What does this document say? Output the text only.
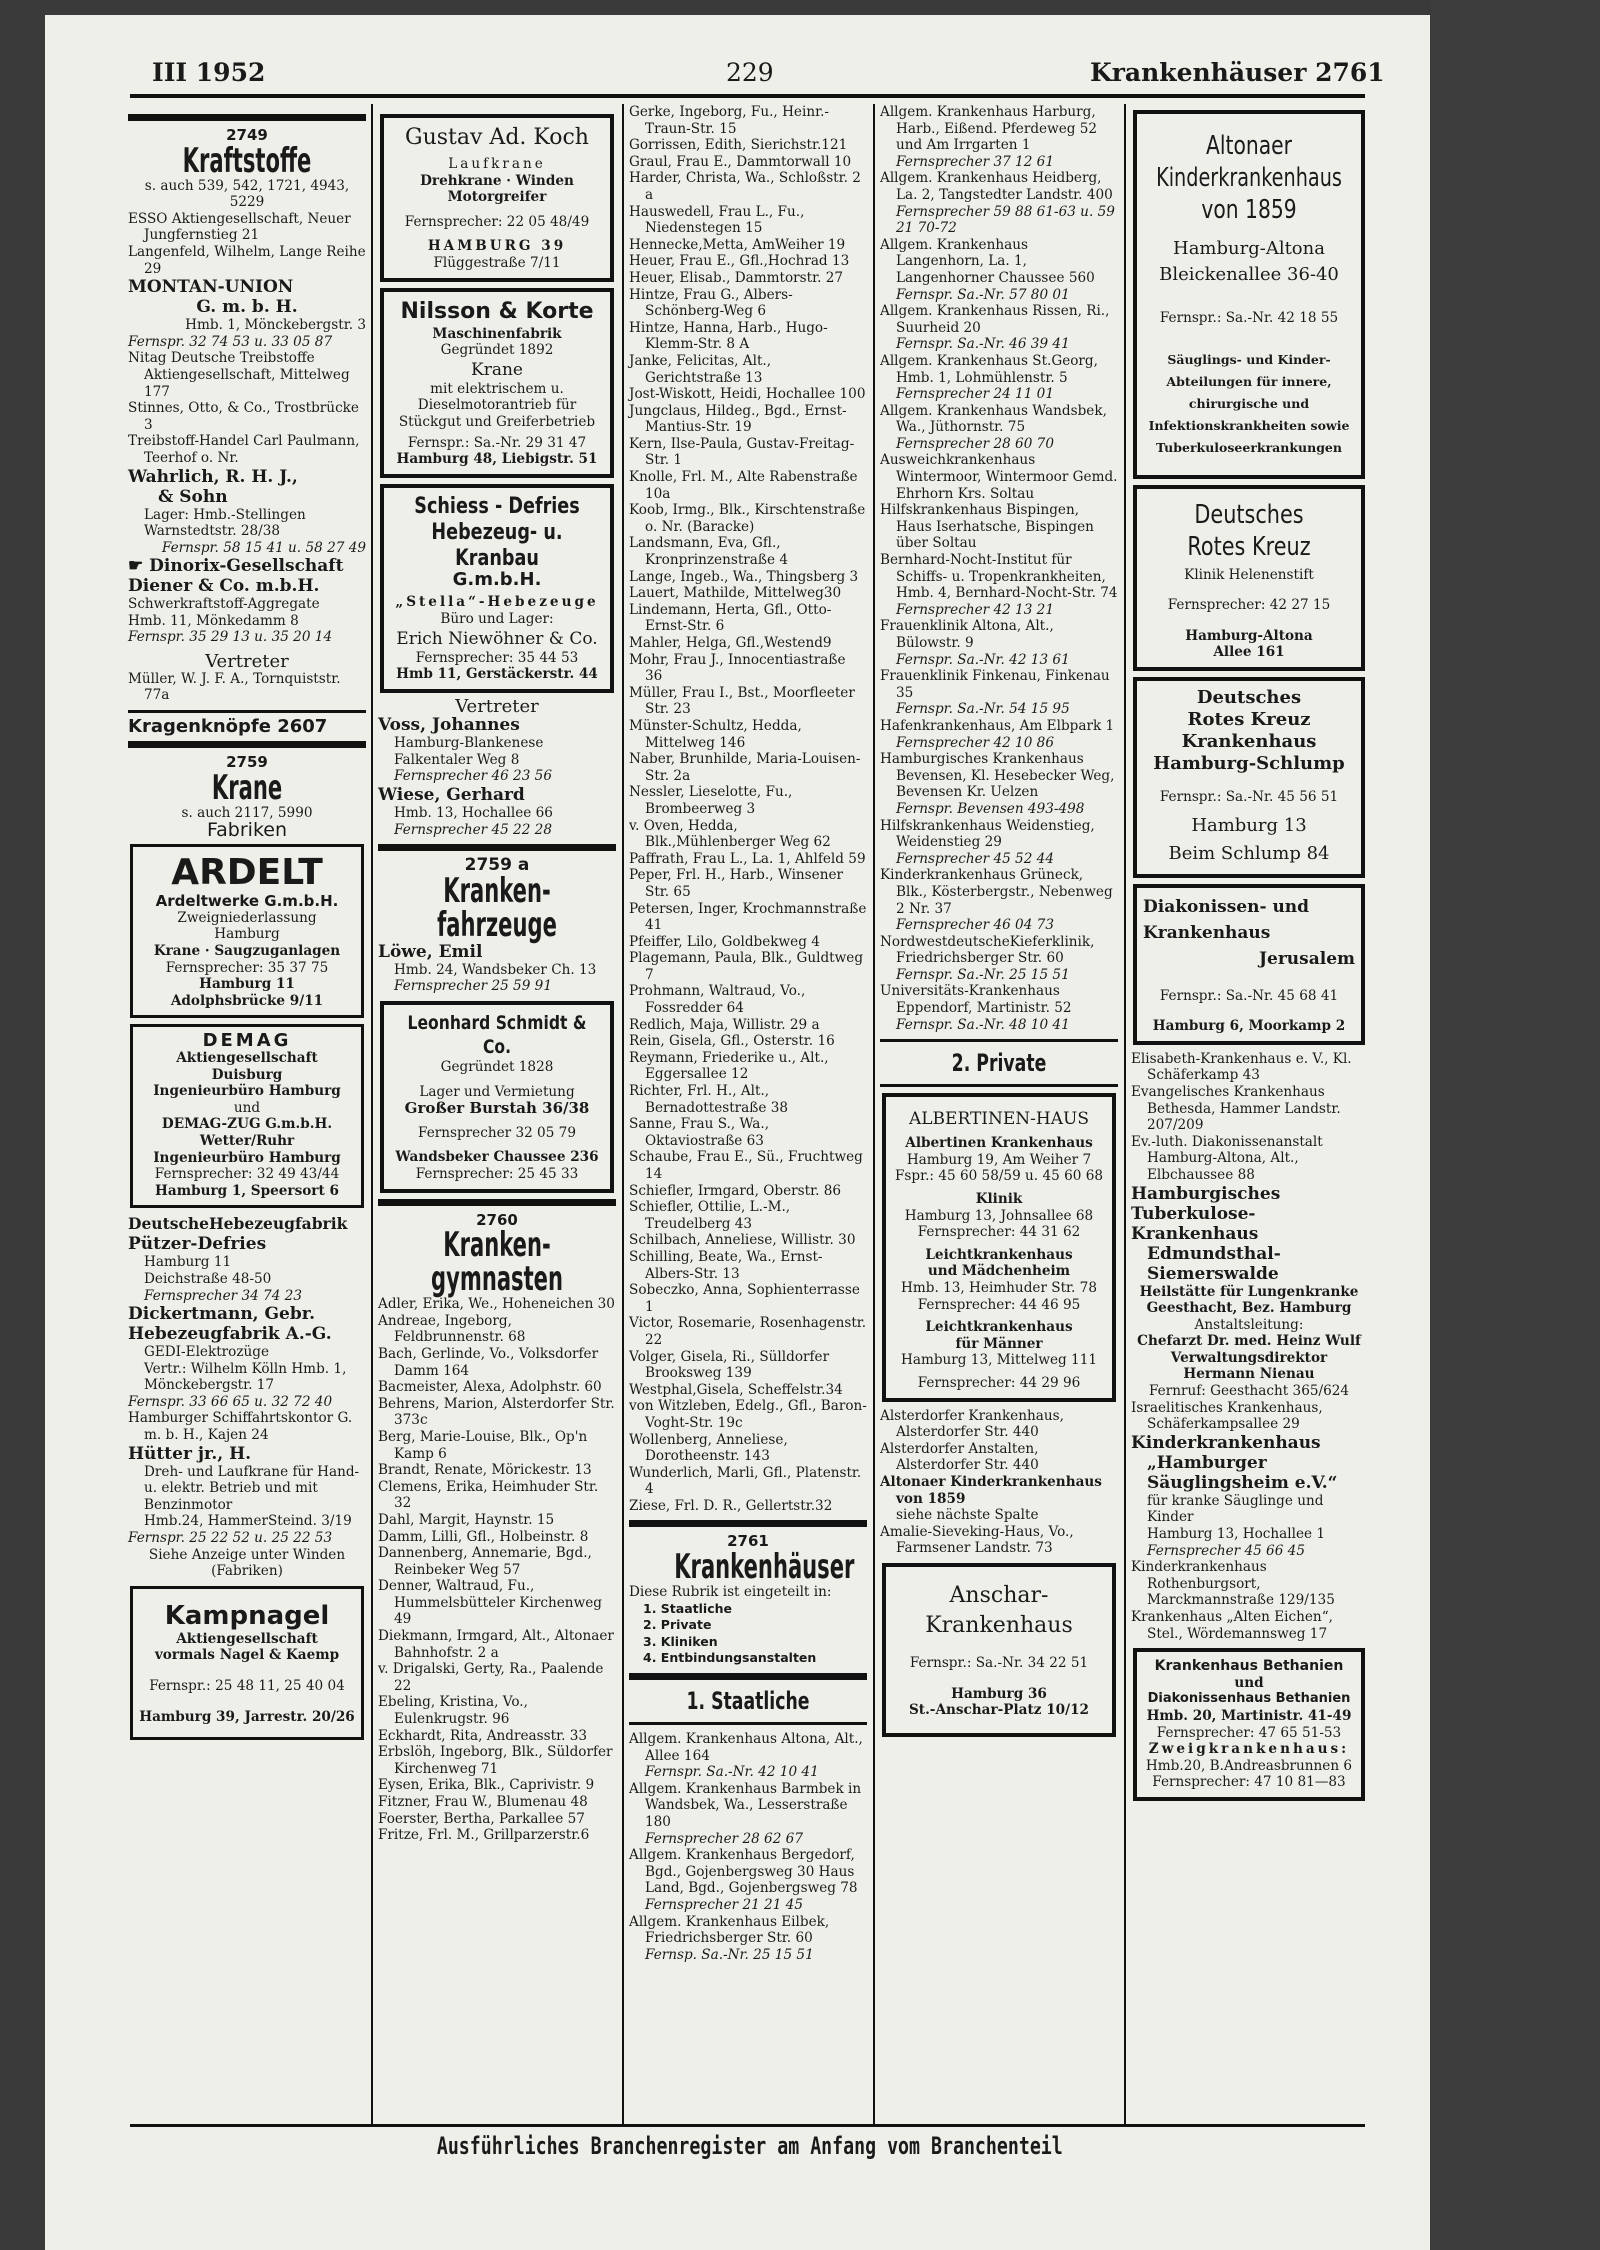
III 1952	229	Krankenhäuser 2761

2749

Kraftstoffe

s. auch 539, 542, 1721, 4943, 5229

ESSO Aktiengesellschaft, Neuer Jungfernstieg 21

Langenfeld, Wilhelm, Lange Reihe 29

MONTAN-UNION

G. m. b. H.

Hmb. 1, Mönckebergstr. 3

Fernspr. 32 74 53 u. 33 05 87

Nitag Deutsche Treibstoffe Aktiengesellschaft, Mittelweg 177

Stinnes, Otto, & Co., Trostbrücke 3

Treibstoff-Handel Carl Paulmann, Teerhof o. Nr.

Wahrlich, R. H. J.,

& Sohn

Lager: Hmb.-Stellingen Warnstedtstr. 28/38

Fernspr. 58 15 41 u. 58 27 49

☛ Dinorix-Gesellschaft

Diener & Co. m.b.H.

Schwerkraftstoff-Aggregate

Hmb. 11, Mönkedamm 8

Fernspr. 35 29 13 u. 35 20 14

Vertreter

Müller, W. J. F. A., Tornquiststr. 77a

Kragenknöpfe 2607

2759

Krane

s. auch 2117, 5990

Fabriken

ARDELT

Ardeltwerke G.m.b.H.

Zweigniederlassung

Hamburg

Krane · Saugzuganlagen

Fernsprecher: 35 37 75

Hamburg 11

Adolphsbrücke 9/11

DEMAG

Aktiengesellschaft Duisburg

Ingenieurbüro Hamburg

und

DEMAG-ZUG G.m.b.H.

Wetter/Ruhr

Ingenieurbüro Hamburg

Fernsprecher: 32 49 43/44

Hamburg 1, Speersort 6

DeutscheHebezeugfabrik

Pützer-Defries

Hamburg 11

Deichstraße 48-50

Fernsprecher 34 74 23

Dickertmann, Gebr.

Hebezeugfabrik A.-G.

GEDI-Elektrozüge

Vertr.: Wilhelm Kölln Hmb. 1, Mönckebergstr. 17

Fernspr. 33 66 65 u. 32 72 40

Hamburger Schiffahrtskontor G. m. b. H., Kajen 24

Hütter jr., H.

Dreh- und Laufkrane für Hand- u. elektr. Betrieb und mit Benzinmotor

Hmb.24, HammerSteind. 3/19

Fernspr. 25 22 52 u. 25 22 53

Siehe Anzeige unter Winden (Fabriken)

Kampnagel

Aktiengesellschaft

vormals Nagel & Kaemp

Fernspr.: 25 48 11, 25 40 04

Hamburg 39, Jarrestr. 20/26

Gustav Ad. Koch

Laufkrane

Drehkrane · Winden

Motorgreifer

Fernsprecher: 22 05 48/49

HAMBURG 39

Flüggestraße 7/11

Nilsson & Korte

Maschinenfabrik

Gegründet 1892

Krane

mit elektrischem u. Dieselmotorantrieb für Stückgut und Greiferbetrieb

Fernspr.: Sa.-Nr. 29 31 47

Hamburg 48, Liebigstr. 51

Schiess - Defries

Hebezeug- u. Kranbau

G.m.b.H.

„Stella“-Hebezeuge

Büro und Lager:

Erich Niewöhner & Co.

Fernsprecher: 35 44 53

Hmb 11, Gerstäckerstr. 44

Vertreter

Voss, Johannes

Hamburg-Blankenese Falkentaler Weg 8

Fernsprecher 46 23 56

Wiese, Gerhard

Hmb. 13, Hochallee 66

Fernsprecher 45 22 28

2759 a

Kranken-

fahrzeuge

Löwe, Emil

Hmb. 24, Wandsbeker Ch. 13

Fernsprecher 25 59 91

Leonhard Schmidt & Co.

Gegründet 1828

Lager und Vermietung

Großer Burstah 36/38

Fernsprecher 32 05 79

Wandsbeker Chaussee 236

Fernsprecher: 25 45 33

2760

Kranken-

gymnasten

Adler, Erika, We., Hoheneichen 30

Andreae, Ingeborg, Feldbrunnenstr. 68

Bach, Gerlinde, Vo., Volksdorfer Damm 164

Bacmeister, Alexa, Adolphstr. 60

Behrens, Marion, Alsterdorfer Str. 373c

Berg, Marie-Louise, Blk., Op'n Kamp 6

Brandt, Renate, Mörickestr. 13

Clemens, Erika, Heimhuder Str. 32

Dahl, Margit, Haynstr. 15

Damm, Lilli, Gfl., Holbeinstr. 8

Dannenberg, Annemarie, Bgd., Reinbeker Weg 57

Denner, Waltraud, Fu., Hummelsbütteler Kirchenweg 49

Diekmann, Irmgard, Alt., Altonaer Bahnhofstr. 2 a

v. Drigalski, Gerty, Ra., Paalende 22

Ebeling, Kristina, Vo., Eulenkrugstr. 96

Eckhardt, Rita, Andreasstr. 33

Erbslöh, Ingeborg, Blk., Süldorfer Kirchenweg 71

Eysen, Erika, Blk., Caprivistr. 9

Fitzner, Frau W., Blumenau 48

Foerster, Bertha, Parkallee 57

Fritze, Frl. M., Grillparzerstr.6

Gerke, Ingeborg, Fu., Heinr.-Traun-Str. 15

Gorrissen, Edith, Sierichstr.121

Graul, Frau E., Dammtorwall 10

Harder, Christa, Wa., Schloßstr. 2 a

Hauswedell, Frau L., Fu., Niedenstegen 15

Hennecke,Metta, AmWeiher 19

Heuer, Frau E., Gfl.,Hochrad 13

Heuer, Elisab., Dammtorstr. 27

Hintze, Frau G., Albers-Schönberg-Weg 6

Hintze, Hanna, Harb., Hugo-Klemm-Str. 8 A

Janke, Felicitas, Alt., Gerichtstraße 13

Jost-Wiskott, Heidi, Hochallee 100

Jungclaus, Hildeg., Bgd., Ernst-Mantius-Str. 19

Kern, Ilse-Paula, Gustav-Freitag-Str. 1

Knolle, Frl. M., Alte Rabenstraße 10a

Koob, Irmg., Blk., Kirschtenstraße o. Nr. (Baracke)

Landsmann, Eva, Gfl., Kronprinzenstraße 4

Lange, Ingeb., Wa., Thingsberg 3

Lauert, Mathilde, Mittelweg30

Lindemann, Herta, Gfl., Otto-Ernst-Str. 6

Mahler, Helga, Gfl.,Westend9

Mohr, Frau J., Innocentiastraße 36

Müller, Frau I., Bst., Moorfleeter Str. 23

Münster-Schultz, Hedda, Mittelweg 146

Naber, Brunhilde, Maria-Louisen-Str. 2a

Nessler, Lieselotte, Fu., Brombeerweg 3

v. Oven, Hedda, Blk.,Mühlenberger Weg 62

Paffrath, Frau L., La. 1, Ahlfeld 59

Peper, Frl. H., Harb., Winsener Str. 65

Petersen, Inger, Krochmannstraße 41

Pfeiffer, Lilo, Goldbekweg 4

Plagemann, Paula, Blk., Guldtweg 7

Prohmann, Waltraud, Vo., Fossredder 64

Redlich, Maja, Willistr. 29 a

Rein, Gisela, Gfl., Osterstr. 16

Reymann, Friederike u., Alt., Eggersallee 12

Richter, Frl. H., Alt., Bernadottestraße 38

Sanne, Frau S., Wa., Oktaviostraße 63

Schaube, Frau E., Sü., Fruchtweg 14

Schiefler, Irmgard, Oberstr. 86

Schiefler, Ottilie, L.-M., Treudelberg 43

Schilbach, Anneliese, Willistr. 30

Schilling, Beate, Wa., Ernst-Albers-Str. 13

Sobeczko, Anna, Sophienterrasse 1

Victor, Rosemarie, Rosenhagenstr. 22

Volger, Gisela, Ri., Sülldorfer Brooksweg 139

Westphal,Gisela, Scheffelstr.34

von Witzleben, Edelg., Gfl., Baron-Voght-Str. 19c

Wollenberg, Anneliese, Dorotheenstr. 143

Wunderlich, Marli, Gfl., Platenstr. 4

Ziese, Frl. D. R., Gellertstr.32

2761

Krankenhäuser

Diese Rubrik ist eingeteilt in:

1. Staatliche

2. Private

3. Kliniken

4. Entbindungsanstalten

1. Staatliche

Allgem. Krankenhaus Altona, Alt., Allee 164

Fernspr. Sa.-Nr. 42 10 41

Allgem. Krankenhaus Barmbek in Wandsbek, Wa., Lesserstraße 180

Fernsprecher 28 62 67

Allgem. Krankenhaus Bergedorf, Bgd., Gojenbergsweg 30 Haus Land, Bgd., Gojenbergsweg 78

Fernsprecher 21 21 45

Allgem. Krankenhaus Eilbek, Friedrichsberger Str. 60

Fernsp. Sa.-Nr. 25 15 51

Allgem. Krankenhaus Harburg, Harb., Eißend. Pferdeweg 52 und Am Irrgarten 1

Fernsprecher 37 12 61

Allgem. Krankenhaus Heidberg, La. 2, Tangstedter Landstr. 400

Fernsprecher 59 88 61-63 u. 59 21 70-72

Allgem. Krankenhaus Langenhorn, La. 1, Langenhorner Chaussee 560

Fernspr. Sa.-Nr. 57 80 01

Allgem. Krankenhaus Rissen, Ri., Suurheid 20

Fernspr. Sa.-Nr. 46 39 41

Allgem. Krankenhaus St.Georg, Hmb. 1, Lohmühlenstr. 5

Fernsprecher 24 11 01

Allgem. Krankenhaus Wandsbek, Wa., Jüthornstr. 75

Fernsprecher 28 60 70

Ausweichkrankenhaus Wintermoor, Wintermoor Gemd. Ehrhorn Krs. Soltau

Hilfskrankenhaus Bispingen, Haus Iserhatsche, Bispingen über Soltau

Bernhard-Nocht-Institut für Schiffs- u. Tropenkrankheiten, Hmb. 4, Bernhard-Nocht-Str. 74

Fernsprecher 42 13 21

Frauenklinik Altona, Alt., Bülowstr. 9

Fernspr. Sa.-Nr. 42 13 61

Frauenklinik Finkenau, Finkenau 35

Fernspr. Sa.-Nr. 54 15 95

Hafenkrankenhaus, Am Elbpark 1

Fernsprecher 42 10 86

Hamburgisches Krankenhaus Bevensen, Kl. Hesebecker Weg, Bevensen Kr. Uelzen

Fernspr. Bevensen 493-498

Hilfskrankenhaus Weidenstieg, Weidenstieg 29

Fernsprecher 45 52 44

Kinderkrankenhaus Grüneck, Blk., Kösterbergstr., Nebenweg 2 Nr. 37

Fernsprecher 46 04 73

NordwestdeutscheKieferklinik, Friedrichsberger Str. 60

Fernspr. Sa.-Nr. 25 15 51

Universitäts-Krankenhaus Eppendorf, Martinistr. 52

Fernspr. Sa.-Nr. 48 10 41

2. Private

ALBERTINEN-HAUS

Albertinen Krankenhaus

Hamburg 19, Am Weiher 7

Fspr.: 45 60 58/59 u. 45 60 68

Klinik

Hamburg 13, Johnsallee 68

Fernsprecher: 44 31 62

Leichtkrankenhaus

und Mädchenheim

Hmb. 13, Heimhuder Str. 78

Fernsprecher: 44 46 95

Leichtkrankenhaus

für Männer

Hamburg 13, Mittelweg 111

Fernsprecher: 44 29 96

Alsterdorfer Krankenhaus, Alsterdorfer Str. 440

Alsterdorfer Anstalten, Alsterdorfer Str. 440

Altonaer Kinderkrankenhaus von 1859

siehe nächste Spalte

Amalie-Sieveking-Haus, Vo., Farmsener Landstr. 73

Anschar-

Krankenhaus

Fernspr.: Sa.-Nr. 34 22 51

Hamburg 36

St.-Anschar-Platz 10/12

Altonaer

Kinderkrankenhaus

von 1859

Hamburg-Altona

Bleickenallee 36-40

Fernspr.: Sa.-Nr. 42 18 55

Säuglings- und Kinder-Abteilungen für innere, chirurgische und Infektionskrankheiten sowie Tuberkuloseerkrankungen

Deutsches

Rotes Kreuz

Klinik Helenenstift

Fernsprecher: 42 27 15

Hamburg-Altona

Allee 161

Deutsches

Rotes Kreuz

Krankenhaus

Hamburg-Schlump

Fernspr.: Sa.-Nr. 45 56 51

Hamburg 13

Beim Schlump 84

Diakonissen- und

Krankenhaus

Jerusalem

Fernspr.: Sa.-Nr. 45 68 41

Hamburg 6, Moorkamp 2

Elisabeth-Krankenhaus e. V., Kl. Schäferkamp 43

Evangelisches Krankenhaus Bethesda, Hammer Landstr. 207/209

Ev.-luth. Diakonissenanstalt Hamburg-Altona, Alt., Elbchaussee 88

Hamburgisches Tuberkulose-Krankenhaus

Edmundsthal-Siemerswalde

Heilstätte für Lungenkranke

Geesthacht, Bez. Hamburg

Anstaltsleitung:

Chefarzt Dr. med. Heinz Wulf

Verwaltungsdirektor

Hermann Nienau

Fernruf: Geesthacht 365/624

Israelitisches Krankenhaus, Schäferkampsallee 29

Kinderkrankenhaus

„Hamburger Säuglingsheim e.V.“

für kranke Säuglinge und Kinder

Hamburg 13, Hochallee 1

Fernsprecher 45 66 45

Kinderkrankenhaus Rothenburgsort, Marckmannstraße 129/135

Krankenhaus „Alten Eichen“, Stel., Wördemannsweg 17

Krankenhaus Bethanien

und

Diakonissenhaus Bethanien

Hmb. 20, Martinistr. 41-49

Fernsprecher: 47 65 51-53

Zweigkrankenhaus:

Hmb.20, B.Andreasbrunnen 6

Fernsprecher: 47 10 81—83

Ausführliches Branchenregister am Anfang vom Branchenteil
